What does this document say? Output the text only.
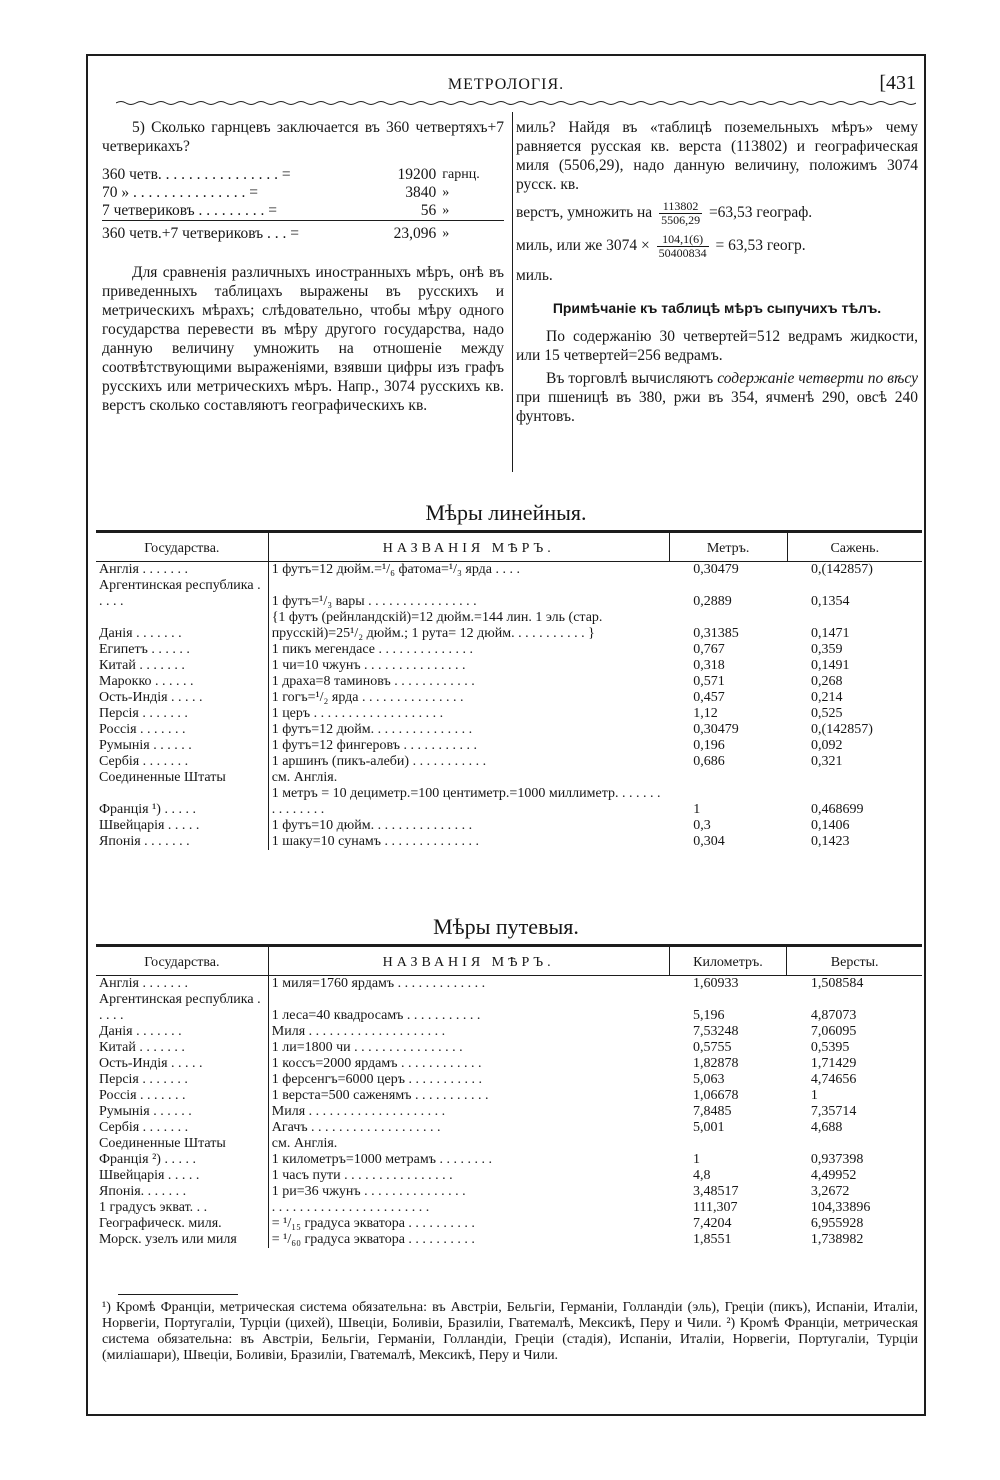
МЕТРОЛОГІЯ.	[431

5) Сколько гарнцевъ заключается въ 360 четвертяхъ+7 четверикахъ?

360 четв. . . . . . . . . . . . . . . . =	19200	гарнц.
70 » . . . . . . . . . . . . . . . =	3840	»
7 четвериковъ . . . . . . . . . =	56	»
360 четв.+7 четвериковъ . . . =	23,096	»

Для сравненія различныхъ иностранныхъ мѣръ, онѣ въ приведенныхъ таблицахъ выражены въ русскихъ и метрическихъ мѣрахъ; слѣдовательно, чтобы мѣру одного государства перевести въ мѣру другого государства, надо данную величину умножить на отношеніе между соотвѣтствующими выраженіями, взявши цифры изъ графъ русскихъ или метрическихъ мѣръ. Напр., 3074 русскихъ кв. верстъ сколько составляютъ географическихъ кв.

миль? Найдя въ «таблицѣ поземельныхъ мѣръ» чему равняется русская кв. верста (113802) и географическая миля (5506,29), надо данную величину, положимъ 3074 русск. кв.

верстъ, умножить на $\frac{113802}{5506,29} =63,53$ географ.
миль, или же $3074 \times \frac{104,1(6)}{50400834} = 63,53$ геогр.
миль.
Примѣчаніе къ таблицѣ мѣръ сыпучихъ тѣлъ.

По содержанію 30 четвертей=512 ведрамъ жидкости, или 15 четвертей=256 ведрамъ.

Въ торговлѣ вычисляютъ содержаніе четверти по вѣсу при пшеницѣ въ 380, ржи въ 354, ячменѣ 290, овсѣ 240 фунтовъ.

Мѣры линейныя.
Государства.	НАЗВАНІЯ МѢРЪ.	Метръ.	Сажень.
Англія . . . . . . .	1 футъ=12 дюйм.=¹/₆ фатома=¹/₃ ярда . . . .	0,30479	0,(142857)
Аргентинская республика . . . . .	1 футъ=¹/₃ вары . . . . . . . . . . . . . . . .	0,2889	0,1354
Данія . . . . . . .	{1 футъ (рейнландскій)=12 дюйм.=144 лин. 1 эль (стар. прусскій)=25¹/₂ дюйм.; 1 рута= 12 дюйм. . . . . . . . . . . }	0,31385	0,1471
Египетъ . . . . . .	1 пикъ мегендасе . . . . . . . . . . . . . .	0,767	0,359
Китай . . . . . . .	1 чи=10 чжунъ . . . . . . . . . . . . . . .	0,318	0,1491
Марокко . . . . . .	1 драха=8 таминовъ . . . . . . . . . . . .	0,571	0,268
Ость-Индія . . . . .	1 гогъ=¹/₂ ярда . . . . . . . . . . . . . . .	0,457	0,214
Персія . . . . . . .	1 церъ . . . . . . . . . . . . . . . . . . .	1,12	0,525
Россія . . . . . . .	1 футъ=12 дюйм. . . . . . . . . . . . . . .	0,30479	0,(142857)
Румынія . . . . . .	1 футъ=12 фингеровъ . . . . . . . . . . .	0,196	0,092
Сербія . . . . . . .	1 аршинъ (пикъ-алеби) . . . . . . . . . . .	0,686	0,321
Соединенные Штаты	см. Англія.		
Франція ¹) . . . . .	1 метръ = 10 дециметр.=100 центиметр.=1000 миллиметр. . . . . . . . . . . . . . .	1	0,468699
Швейцарія . . . . .	1 футъ=10 дюйм. . . . . . . . . . . . . . .	0,3	0,1406
Японія . . . . . . .	1 шаку=10 сунамъ . . . . . . . . . . . . . .	0,304	0,1423
Мѣры путевыя.
Государства.	НАЗВАНІЯ МѢРЪ.	Километръ.	Версты.
Англія . . . . . . .	1 миля=1760 ярдамъ . . . . . . . . . . . . .	1,60933	1,508584
Аргентинская республика . . . . .	1 леса=40 квадросамъ . . . . . . . . . . .	5,196	4,87073
Данія . . . . . . .	Миля . . . . . . . . . . . . . . . . . . . .	7,53248	7,06095
Китай . . . . . . .	1 ли=1800 чи . . . . . . . . . . . . . . . .	0,5755	0,5395
Ость-Индія . . . . .	1 коссъ=2000 ярдамъ . . . . . . . . . . . .	1,82878	1,71429
Персія . . . . . . .	1 ферсенгъ=6000 церъ . . . . . . . . . . .	5,063	4,74656
Россія . . . . . . .	1 верста=500 саженямъ . . . . . . . . . . .	1,06678	1
Румынія . . . . . .	Миля . . . . . . . . . . . . . . . . . . . .	7,8485	7,35714
Сербія . . . . . . .	Агачъ . . . . . . . . . . . . . . . . . . .	5,001	4,688
Соединенные Штаты	см. Англія.		
Франція ²) . . . . .	1 километръ=1000 метрамъ . . . . . . . .	1	0,937398
Швейцарія . . . . .	1 часъ пути . . . . . . . . . . . . . . . .	4,8	4,49952
Японія. . . . . . .	1 ри=36 чжунъ . . . . . . . . . . . . . . .	3,48517	3,2672
1 градусъ экват. . .	. . . . . . . . . . . . . . . . . . . . . . .	111,307	104,33896
Географическ. миля.	= ¹/₁₅ градуса экватора . . . . . . . . . .	7,4204	6,955928
Морск. узелъ или миля	= ¹/₆₀ градуса экватора . . . . . . . . . .	1,8551	1,738982
¹) Кромѣ Франціи, метрическая система обязательна: въ Австріи, Бельгіи, Германіи, Голландіи (эль), Греціи (пикъ), Испаніи, Италіи, Норвегіи, Португаліи, Турціи (цихей), Швеціи, Боливіи, Бразиліи, Гватемалѣ, Мексикѣ, Перу и Чили. ²) Кромѣ Франціи, метрическая система обязательна: въ Австріи, Бельгіи, Германіи, Голландіи, Греціи (стадія), Испаніи, Италіи, Норвегіи, Португаліи, Турціи (миліашари), Швеціи, Боливіи, Бразиліи, Гватемалѣ, Мексикѣ, Перу и Чили.
